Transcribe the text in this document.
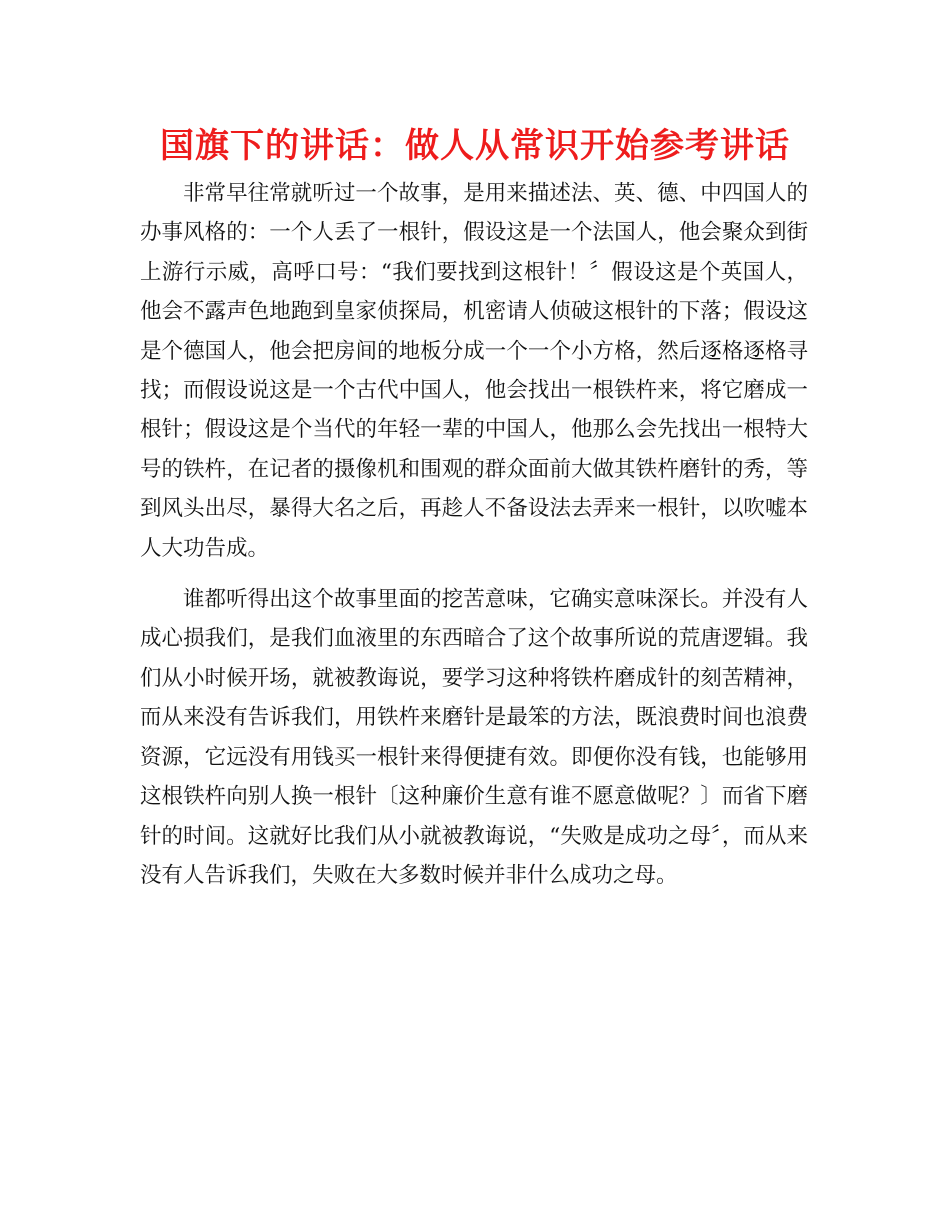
国旗下的讲话：做人从常识开始参考讲话

非常早往常就听过一个故事，是用来描述法、英、德、中四国人的办事风格的：一个人丢了一根针，假设这是一个法国人，他会聚众到街上游行示威，高呼口号：“我们要找到这根针！〞假设这是个英国人，他会不露声色地跑到皇家侦探局，机密请人侦破这根针的下落；假设这是个德国人，他会把房间的地板分成一个一个小方格，然后逐格逐格寻找；而假设说这是一个古代中国人，他会找出一根铁杵来，将它磨成一根针；假设这是个当代的年轻一辈的中国人，他那么会先找出一根特大号的铁杵，在记者的摄像机和围观的群众面前大做其铁杵磨针的秀，等到风头出尽，暴得大名之后，再趁人不备设法去弄来一根针，以吹嘘本人大功告成。

谁都听得出这个故事里面的挖苦意味，它确实意味深长。并没有人成心损我们，是我们血液里的东西暗合了这个故事所说的荒唐逻辑。我们从小时候开场，就被教诲说，要学习这种将铁杵磨成针的刻苦精神，而从来没有告诉我们，用铁杵来磨针是最笨的方法，既浪费时间也浪费资源，它远没有用钱买一根针来得便捷有效。即便你没有钱，也能够用这根铁杵向别人换一根针〔这种廉价生意有谁不愿意做呢？〕而省下磨针的时间。这就好比我们从小就被教诲说，“失败是成功之母〞，而从来没有人告诉我们，失败在大多数时候并非什么成功之母。
